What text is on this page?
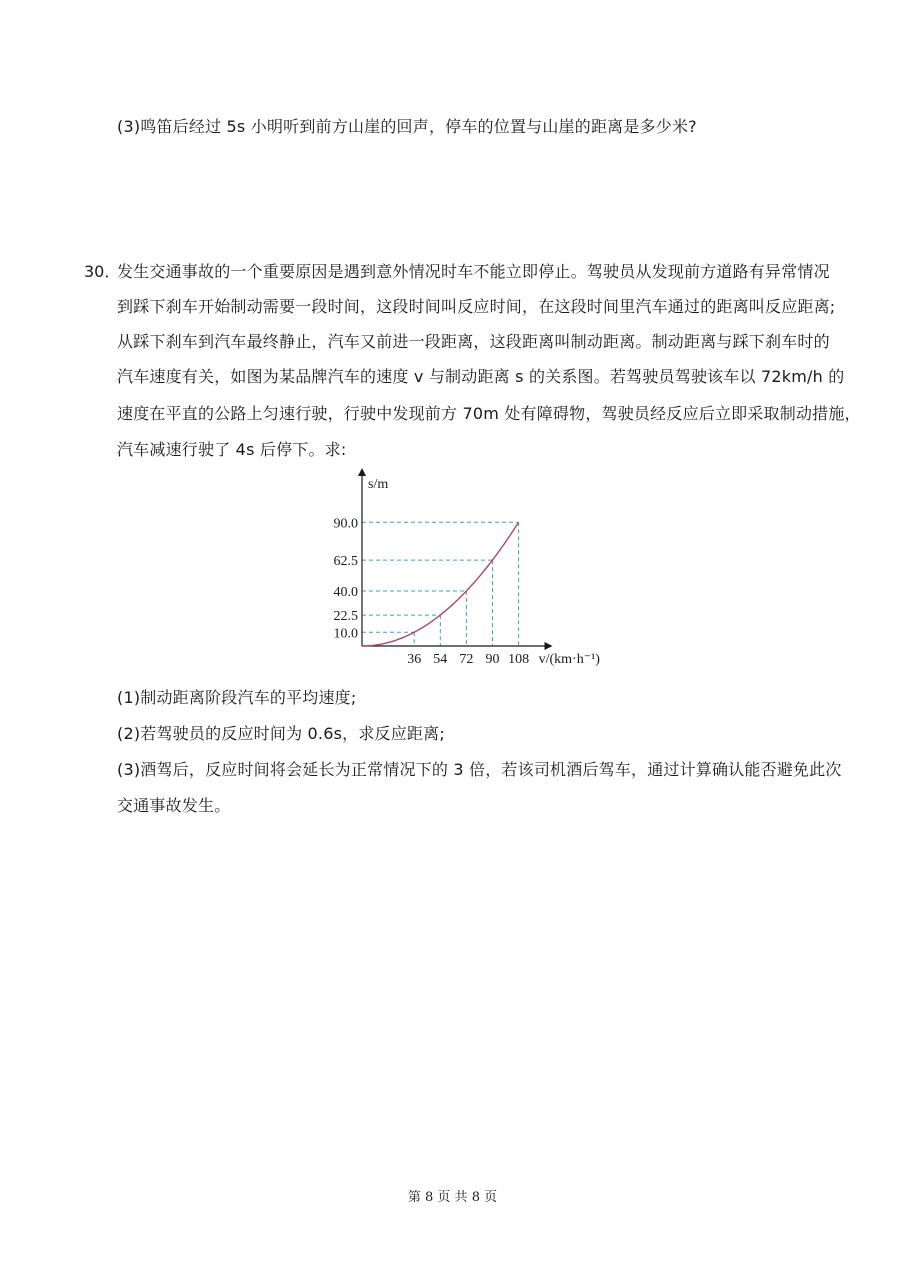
(3)鸣笛后经过 5s 小明听到前方山崖的回声，停车的位置与山崖的距离是多少米?
30．
发生交通事故的一个重要原因是遇到意外情况时车不能立即停止。驾驶员从发现前方道路有异常情况
到踩下刹车开始制动需要一段时间，这段时间叫反应时间，在这段时间里汽车通过的距离叫反应距离;
从踩下刹车到汽车最终静止，汽车又前进一段距离，这段距离叫制动距离。制动距离与踩下刹车时的
汽车速度有关，如图为某品牌汽车的速度 v 与制动距离 s 的关系图。若驾驶员驾驶该车以 72km/h 的
速度在平直的公路上匀速行驶，行驶中发现前方 70m 处有障碍物，驾驶员经反应后立即采取制动措施，
汽车减速行驶了 4s 后停下。求:
36 54 72 90 108
10.0
22.5
40.0
62.5
90.0
v/(km·h⁻¹)
s/m
(1)制动距离阶段汽车的平均速度;
(2)若驾驶员的反应时间为 0.6s，求反应距离;
(3)酒驾后，反应时间将会延长为正常情况下的 3 倍，若该司机酒后驾车，通过计算确认能否避免此次
交通事故发生。
第 8 页 共 8 页
